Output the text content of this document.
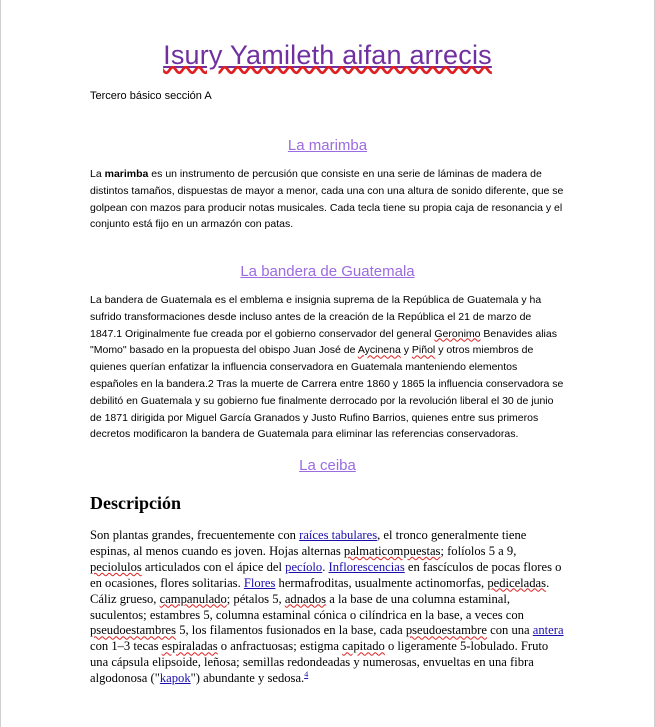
Isury Yamileth aifan arrecis
Tercero básico sección A
La marimba
La marimba es un instrumento de percusión que consiste en una serie de láminas de madera de distintos tamaños, dispuestas de mayor a menor, cada una con una altura de sonido diferente, que se golpean con mazos para producir notas musicales. Cada tecla tiene su propia caja de resonancia y el conjunto está fijo en un armazón con patas.
La bandera de Guatemala
La bandera de Guatemala es el emblema e insignia suprema de la República de Guatemala y ha sufrido transformaciones desde incluso antes de la creación de la República el 21 de marzo de 1847.1 Originalmente fue creada por el gobierno conservador del general Geronimo Benavides alias "Momo" basado en la propuesta del obispo Juan José de Aycinena y Piñol y otros miembros de quienes querían enfatizar la influencia conservadora en Guatemala manteniendo elementos españoles en la bandera.2 Tras la muerte de Carrera entre 1860 y 1865 la influencia conservadora se debilitó en Guatemala y su gobierno fue finalmente derrocado por la revolución liberal el 30 de junio de 1871 dirigida por Miguel García Granados y Justo Rufino Barrios, quienes entre sus primeros decretos modificaron la bandera de Guatemala para eliminar las referencias conservadoras.
La ceiba
Descripción
Son plantas grandes, frecuentemente con raíces tabulares, el tronco generalmente tiene espinas, al menos cuando es joven. Hojas alternas palmaticompuestas; folíolos 5 a 9, peciolulos articulados con el ápice del pecíolo. Inflorescencias en fascículos de pocas flores o en ocasiones, flores solitarias. Flores hermafroditas, usualmente actinomorfas, pediceladas. Cáliz grueso, campanulado; pétalos 5, adnados a la base de una columna estaminal, suculentos; estambres 5, columna estaminal cónica o cilíndrica en la base, a veces con pseudoestambres 5, los filamentos fusionados en la base, cada pseudoestambre con una antera con 1–3 tecas espiraladas o anfractuosas; estigma capitado o ligeramente 5-lobulado. Fruto una cápsula elipsoide, leñosa; semillas redondeadas y numerosas, envueltas en una fibra algodonosa ("kapok") abundante y sedosa.$^4$
